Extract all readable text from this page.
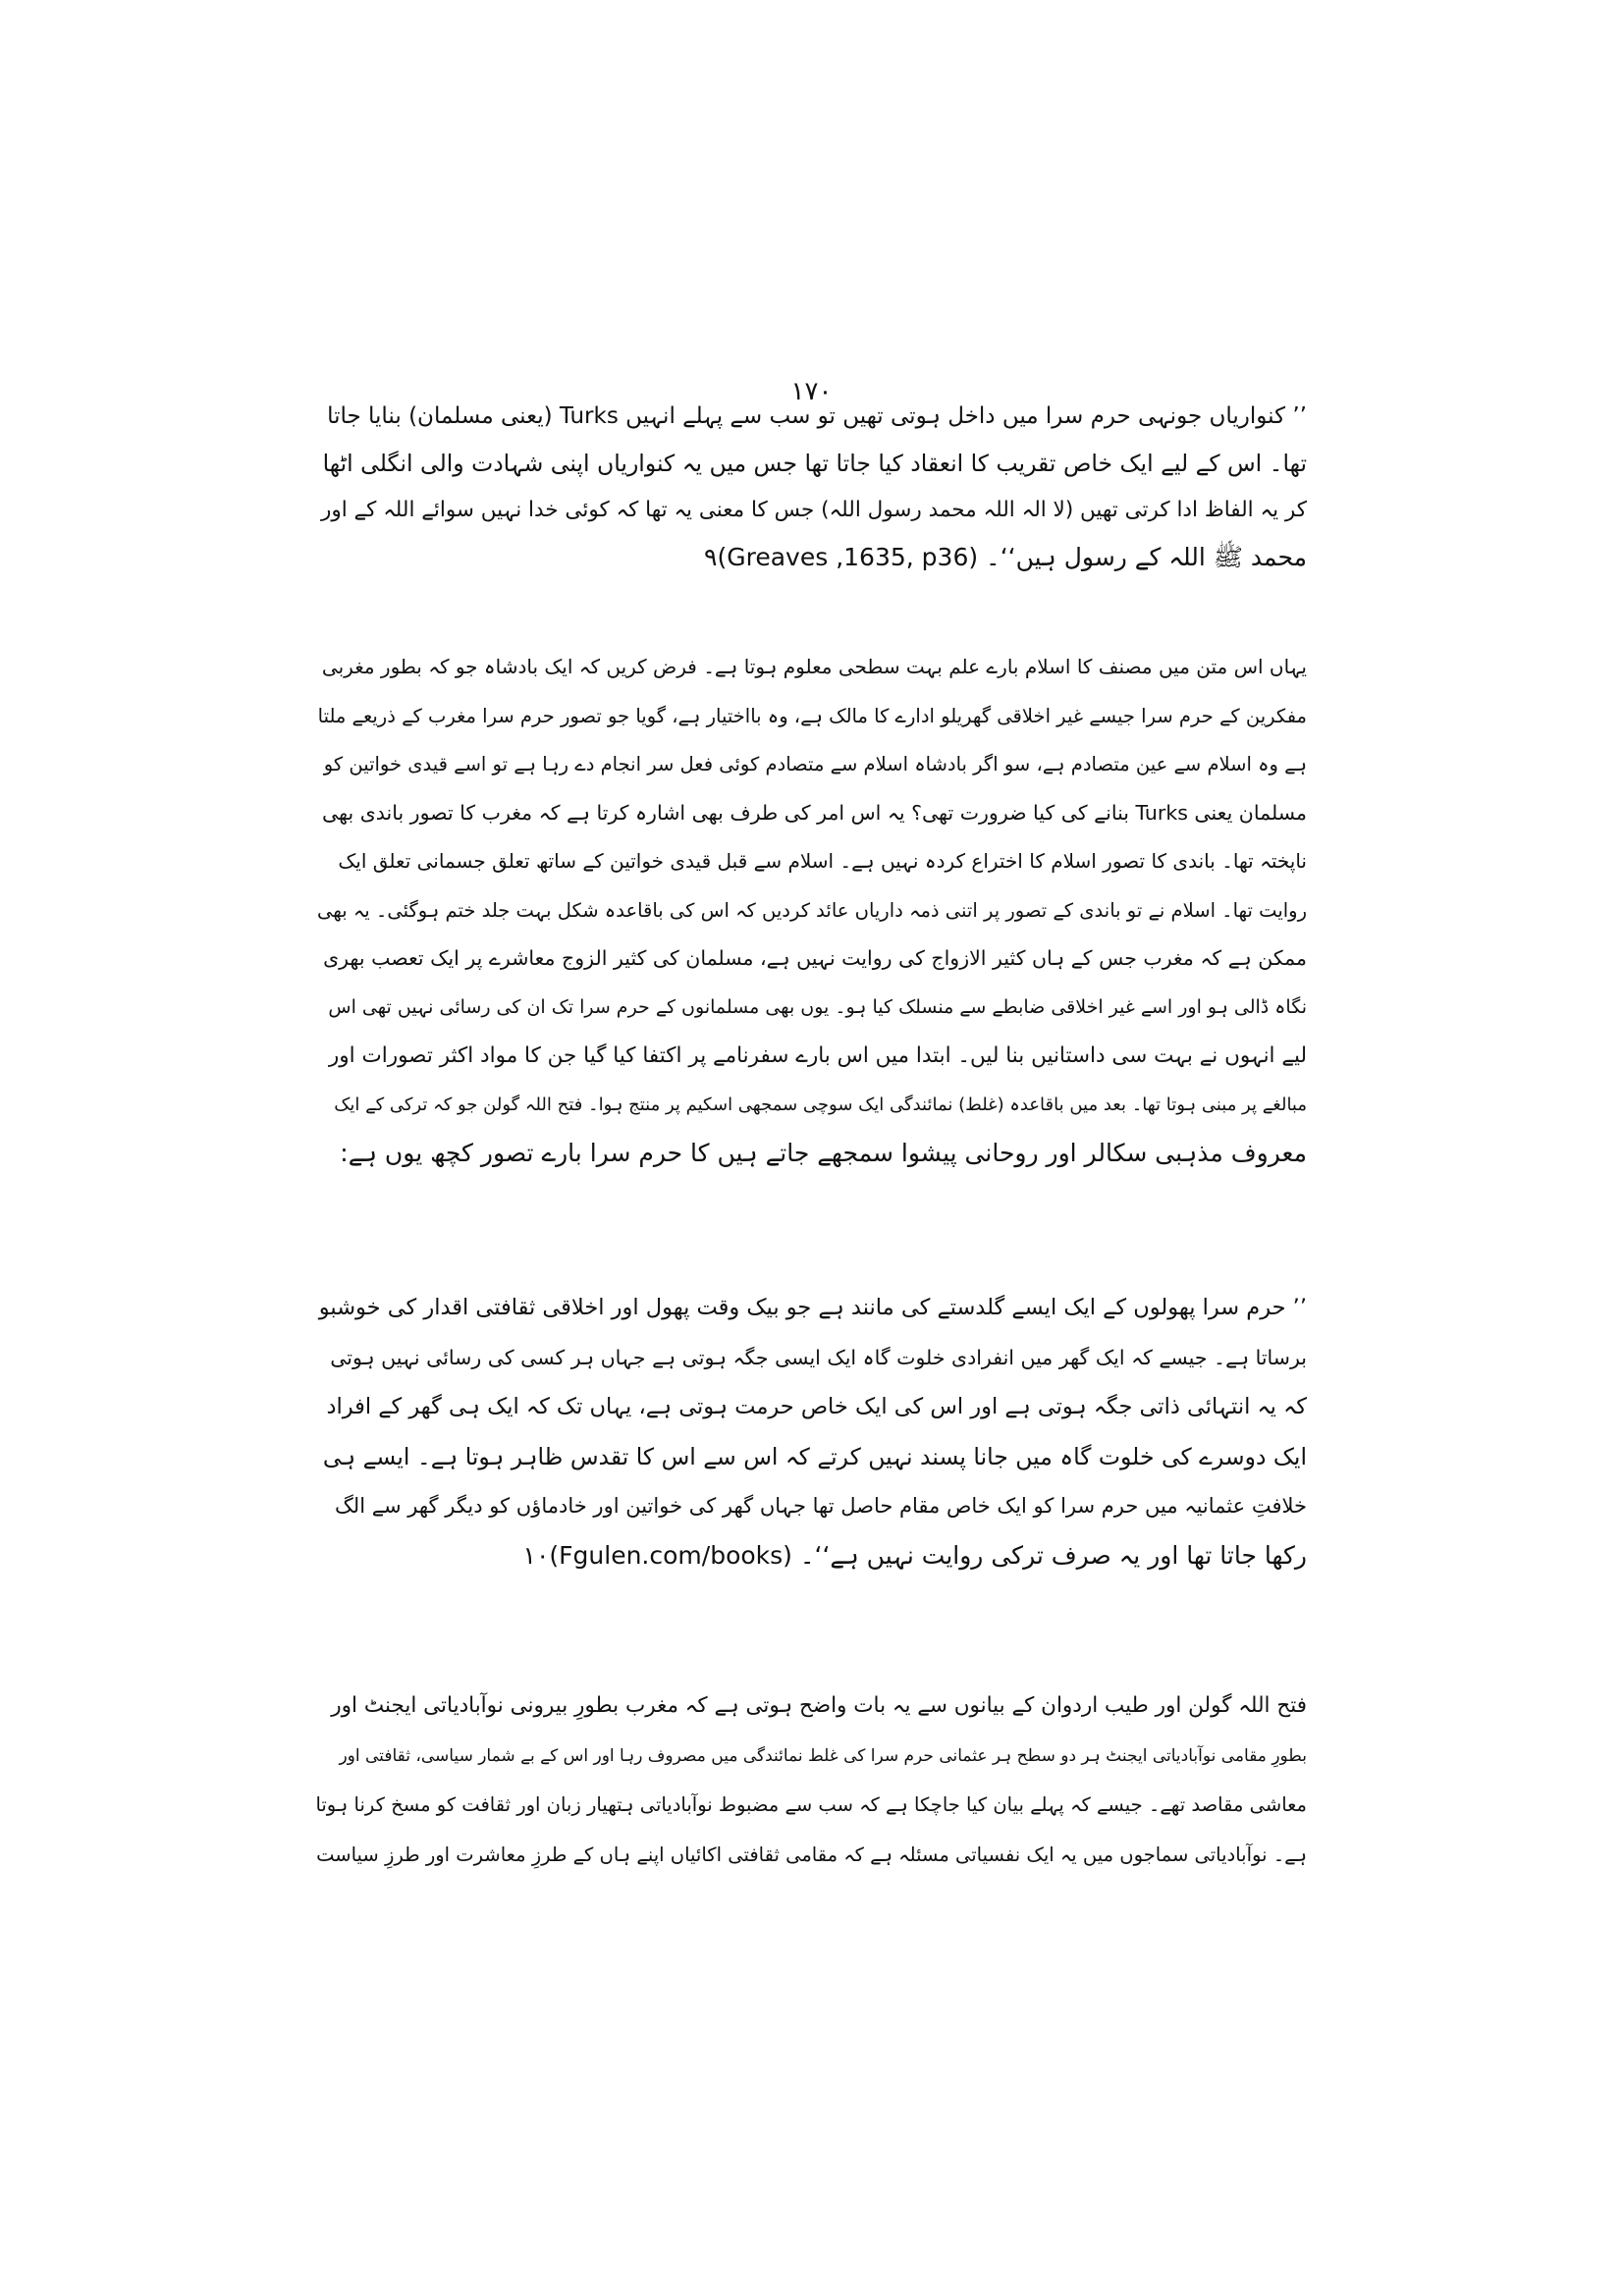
۱۷۰
’’ کنواریاں جونہی حرم سرا میں داخل ہوتی تھیں تو سب سے پہلے انہیں Turks (یعنی مسلمان) بنایا جاتا
تھا۔ اس کے لیے ایک خاص تقریب کا انعقاد کیا جاتا تھا جس میں یہ کنواریاں اپنی شہادت والی انگلی اٹھا
کر یہ الفاظ ادا کرتی تھیں (لا الہ اللہ محمد رسول اللہ) جس کا معنی یہ تھا کہ کوئی خدا نہیں سوائے اللہ کے اور
محمد ﷺ اللہ کے رسول ہیں‘‘۔ (Greaves ,1635, p36)۹
یہاں اس متن میں مصنف کا اسلام بارے علم بہت سطحی معلوم ہوتا ہے۔ فرض کریں کہ ایک بادشاہ جو کہ بطور مغربی
مفکرین کے حرم سرا جیسے غیر اخلاقی گھریلو ادارے کا مالک ہے، وہ بااختیار ہے، گویا جو تصور حرم سرا مغرب کے ذریعے ملتا
ہے وہ اسلام سے عین متصادم ہے، سو اگر بادشاہ اسلام سے متصادم کوئی فعل سر انجام دے رہا ہے تو اسے قیدی خواتین کو
مسلمان یعنی Turks بنانے کی کیا ضرورت تھی؟ یہ اس امر کی طرف بھی اشارہ کرتا ہے کہ مغرب کا تصور باندی بھی
ناپختہ تھا۔ باندی کا تصور اسلام کا اختراع کردہ نہیں ہے۔ اسلام سے قبل قیدی خواتین کے ساتھ تعلق جسمانی تعلق ایک
روایت تھا۔ اسلام نے تو باندی کے تصور پر اتنی ذمہ داریاں عائد کردیں کہ اس کی باقاعدہ شکل بہت جلد ختم ہوگئی۔ یہ بھی
ممکن ہے کہ مغرب جس کے ہاں کثیر الازواج کی روایت نہیں ہے، مسلمان کی کثیر الزوج معاشرے پر ایک تعصب بھری
نگاہ ڈالی ہو اور اسے غیر اخلاقی ضابطے سے منسلک کیا ہو۔ یوں بھی مسلمانوں کے حرم سرا تک ان کی رسائی نہیں تھی اس
لیے انہوں نے بہت سی داستانیں بنا لیں۔ ابتدا میں اس بارے سفرنامے پر اکتفا کیا گیا جن کا مواد اکثر تصورات اور
مبالغے پر مبنی ہوتا تھا۔ بعد میں باقاعدہ (غلط) نمائندگی ایک سوچی سمجھی اسکیم پر منتج ہوا۔ فتح اللہ گولن جو کہ ترکی کے ایک
معروف مذہبی سکالر اور روحانی پیشوا سمجھے جاتے ہیں کا حرم سرا بارے تصور کچھ یوں ہے:
’’ حرم سرا پھولوں کے ایک ایسے گلدستے کی مانند ہے جو بیک وقت پھول اور اخلاقی ثقافتی اقدار کی خوشبو
برساتا ہے۔ جیسے کہ ایک گھر میں انفرادی خلوت گاہ ایک ایسی جگہ ہوتی ہے جہاں ہر کسی کی رسائی نہیں ہوتی
کہ یہ انتہائی ذاتی جگہ ہوتی ہے اور اس کی ایک خاص حرمت ہوتی ہے، یہاں تک کہ ایک ہی گھر کے افراد
ایک دوسرے کی خلوت گاہ میں جانا پسند نہیں کرتے کہ اس سے اس کا تقدس ظاہر ہوتا ہے۔ ایسے ہی
خلافتِ عثمانیہ میں حرم سرا کو ایک خاص مقام حاصل تھا جہاں گھر کی خواتین اور خادماؤں کو دیگر گھر سے الگ
رکھا جاتا تھا اور یہ صرف ترکی روایت نہیں ہے‘‘۔ (Fgulen.com/books)۱۰
فتح اللہ گولن اور طیب اردوان کے بیانوں سے یہ بات واضح ہوتی ہے کہ مغرب بطورِ بیرونی نوآبادیاتی ایجنٹ اور
بطورِ مقامی نوآبادیاتی ایجنٹ ہر دو سطح ہر عثمانی حرم سرا کی غلط نمائندگی میں مصروف رہا اور اس کے بے شمار سیاسی، ثقافتی اور
معاشی مقاصد تھے۔ جیسے کہ پہلے بیان کیا جاچکا ہے کہ سب سے مضبوط نوآبادیاتی ہتھیار زبان اور ثقافت کو مسخ کرنا ہوتا
ہے۔ نوآبادیاتی سماجوں میں یہ ایک نفسیاتی مسئلہ ہے کہ مقامی ثقافتی اکائیاں اپنے ہاں کے طرزِ معاشرت اور طرزِ سیاست
